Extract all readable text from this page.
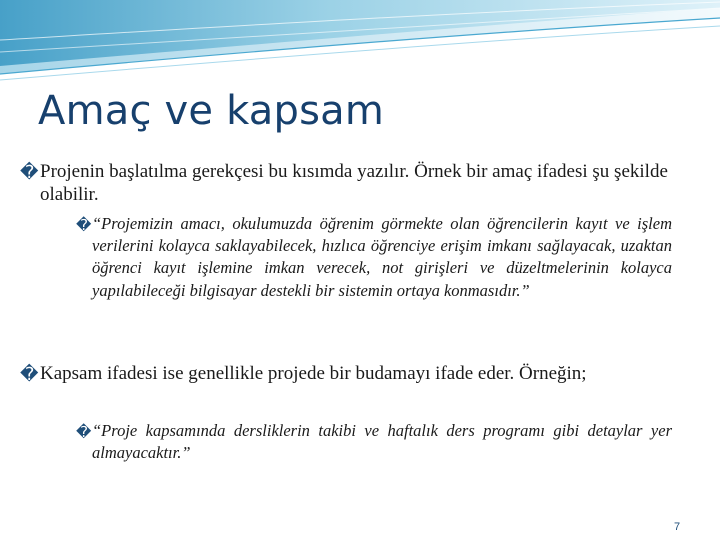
Amaç ve kapsam
� Projenin başlatılma gerekçesi bu kısımda yazılır. Örnek bir amaç ifadesi şu şekilde olabilir.
� “Projemizin amacı, okulumuzda öğrenim görmekte olan öğrencilerin kayıt ve işlem verilerini kolayca saklayabilecek, hızlıca öğrenciye erişim imkanı sağlayacak, uzaktan öğrenci kayıt işlemine imkan verecek, not girişleri ve düzeltmelerinin kolayca yapılabileceği bilgisayar destekli bir sistemin ortaya konmasıdır.”
� Kapsam ifadesi ise genellikle projede bir budamayı ifade eder. Örneğin;
� “Proje kapsamında dersliklerin takibi ve haftalık ders programı gibi detaylar yer almayacaktır.”
7
